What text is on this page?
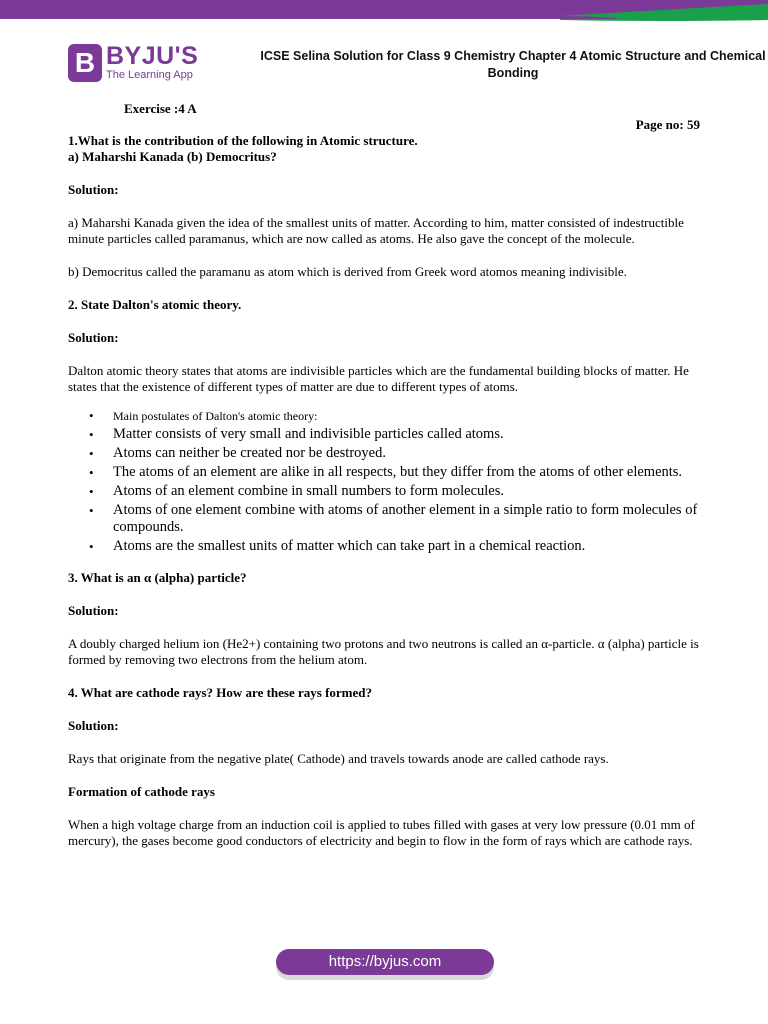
B BYJU'S
The Learning App
ICSE Selina Solution for Class 9 Chemistry Chapter 4 Atomic Structure and Chemical Bonding
Exercise :4 A
Page no: 59

1.What is the contribution of the following in Atomic structure.

a) Maharshi Kanada (b) Democritus?

Solution:

a) Maharshi Kanada given the idea of the smallest units of matter. According to him, matter consisted of indestructible minute particles called paramanus, which are now called as atoms. He also gave the concept of the molecule.

b) Democritus called the paramanu as atom which is derived from Greek word atomos meaning indivisible.

2. State Dalton's atomic theory.

Solution:

Dalton atomic theory states that atoms are indivisible particles which are the fundamental building blocks of matter. He states that the existence of different types of matter are due to different types of atoms.

• Main postulates of Dalton's atomic theory:
• Matter consists of very small and indivisible particles called atoms.
• Atoms can neither be created nor be destroyed.
• The atoms of an element are alike in all respects, but they differ from the atoms of other elements.
• Atoms of an element combine in small numbers to form molecules.
• Atoms of one element combine with atoms of another element in a simple ratio to form molecules of compounds.
• Atoms are the smallest units of matter which can take part in a chemical reaction.

3. What is an α (alpha) particle?

Solution:

A doubly charged helium ion (He2+) containing two protons and two neutrons is called an α-particle. α (alpha) particle is formed by removing two electrons from the helium atom.

4. What are cathode rays? How are these rays formed?

Solution:

Rays that originate from the negative plate( Cathode) and travels towards anode are called cathode rays.

Formation of cathode rays

When a high voltage charge from an induction coil is applied to tubes filled with gases at very low pressure (0.01 mm of mercury), the gases become good conductors of electricity and begin to flow in the form of rays which are cathode rays.

https://byjus.com
